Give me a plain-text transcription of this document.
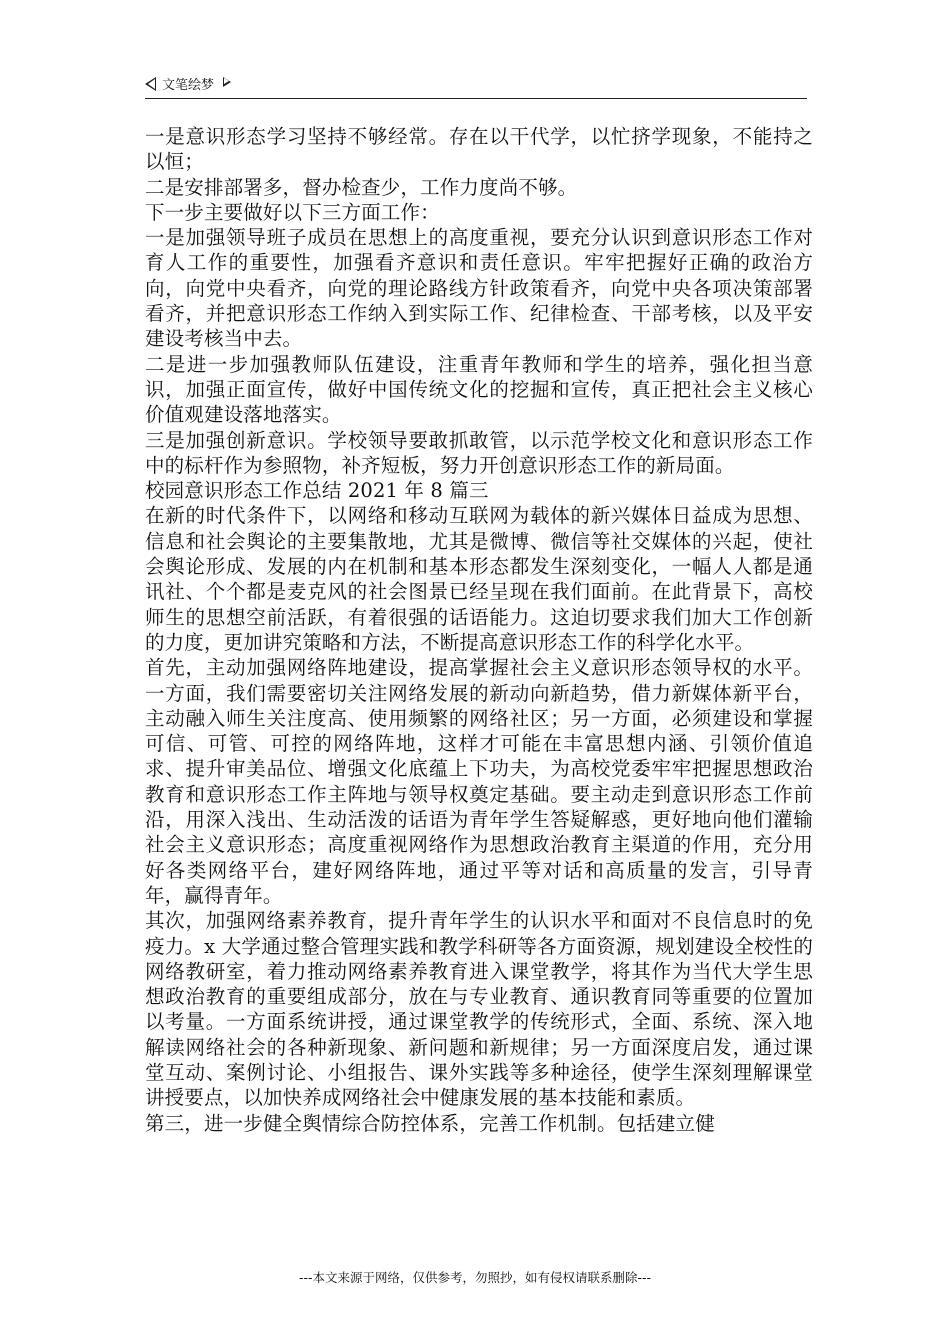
文笔绘梦

一是意识形态学习坚持不够经常。存在以干代学，以忙挤学现象，不能持之以恒；

二是安排部署多，督办检查少，工作力度尚不够。

下一步主要做好以下三方面工作：

一是加强领导班子成员在思想上的高度重视，要充分认识到意识形态工作对育人工作的重要性，加强看齐意识和责任意识。牢牢把握好正确的政治方向，向党中央看齐，向党的理论路线方针政策看齐，向党中央各项决策部署看齐，并把意识形态工作纳入到实际工作、纪律检查、干部考核，以及平安建设考核当中去。

二是进一步加强教师队伍建设，注重青年教师和学生的培养，强化担当意识，加强正面宣传，做好中国传统文化的挖掘和宣传，真正把社会主义核心价值观建设落地落实。

三是加强创新意识。学校领导要敢抓敢管，以示范学校文化和意识形态工作中的标杆作为参照物，补齐短板，努力开创意识形态工作的新局面。

校园意识形态工作总结 2021 年 8 篇三

在新的时代条件下，以网络和移动互联网为载体的新兴媒体日益成为思想、信息和社会舆论的主要集散地，尤其是微博、微信等社交媒体的兴起，使社会舆论形成、发展的内在机制和基本形态都发生深刻变化，一幅人人都是通讯社、个个都是麦克风的社会图景已经呈现在我们面前。在此背景下，高校师生的思想空前活跃，有着很强的话语能力。这迫切要求我们加大工作创新的力度，更加讲究策略和方法，不断提高意识形态工作的科学化水平。

首先，主动加强网络阵地建设，提高掌握社会主义意识形态领导权的水平。一方面，我们需要密切关注网络发展的新动向新趋势，借力新媒体新平台，主动融入师生关注度高、使用频繁的网络社区；另一方面，必须建设和掌握可信、可管、可控的网络阵地，这样才可能在丰富思想内涵、引领价值追求、提升审美品位、增强文化底蕴上下功夫，为高校党委牢牢把握思想政治教育和意识形态工作主阵地与领导权奠定基础。要主动走到意识形态工作前沿，用深入浅出、生动活泼的话语为青年学生答疑解惑，更好地向他们灌输社会主义意识形态；高度重视网络作为思想政治教育主渠道的作用，充分用好各类网络平台，建好网络阵地，通过平等对话和高质量的发言，引导青年，赢得青年。

其次，加强网络素养教育，提升青年学生的认识水平和面对不良信息时的免疫力。x 大学通过整合管理实践和教学科研等各方面资源，规划建设全校性的网络教研室，着力推动网络素养教育进入课堂教学，将其作为当代大学生思想政治教育的重要组成部分，放在与专业教育、通识教育同等重要的位置加以考量。一方面系统讲授，通过课堂教学的传统形式，全面、系统、深入地解读网络社会的各种新现象、新问题和新规律；另一方面深度启发，通过课堂互动、案例讨论、小组报告、课外实践等多种途径，使学生深刻理解课堂讲授要点，以加快养成网络社会中健康发展的基本技能和素质。

第三，进一步健全舆情综合防控体系，完善工作机制。包括建立健

---本文来源于网络，仅供参考，勿照抄，如有侵权请联系删除---
